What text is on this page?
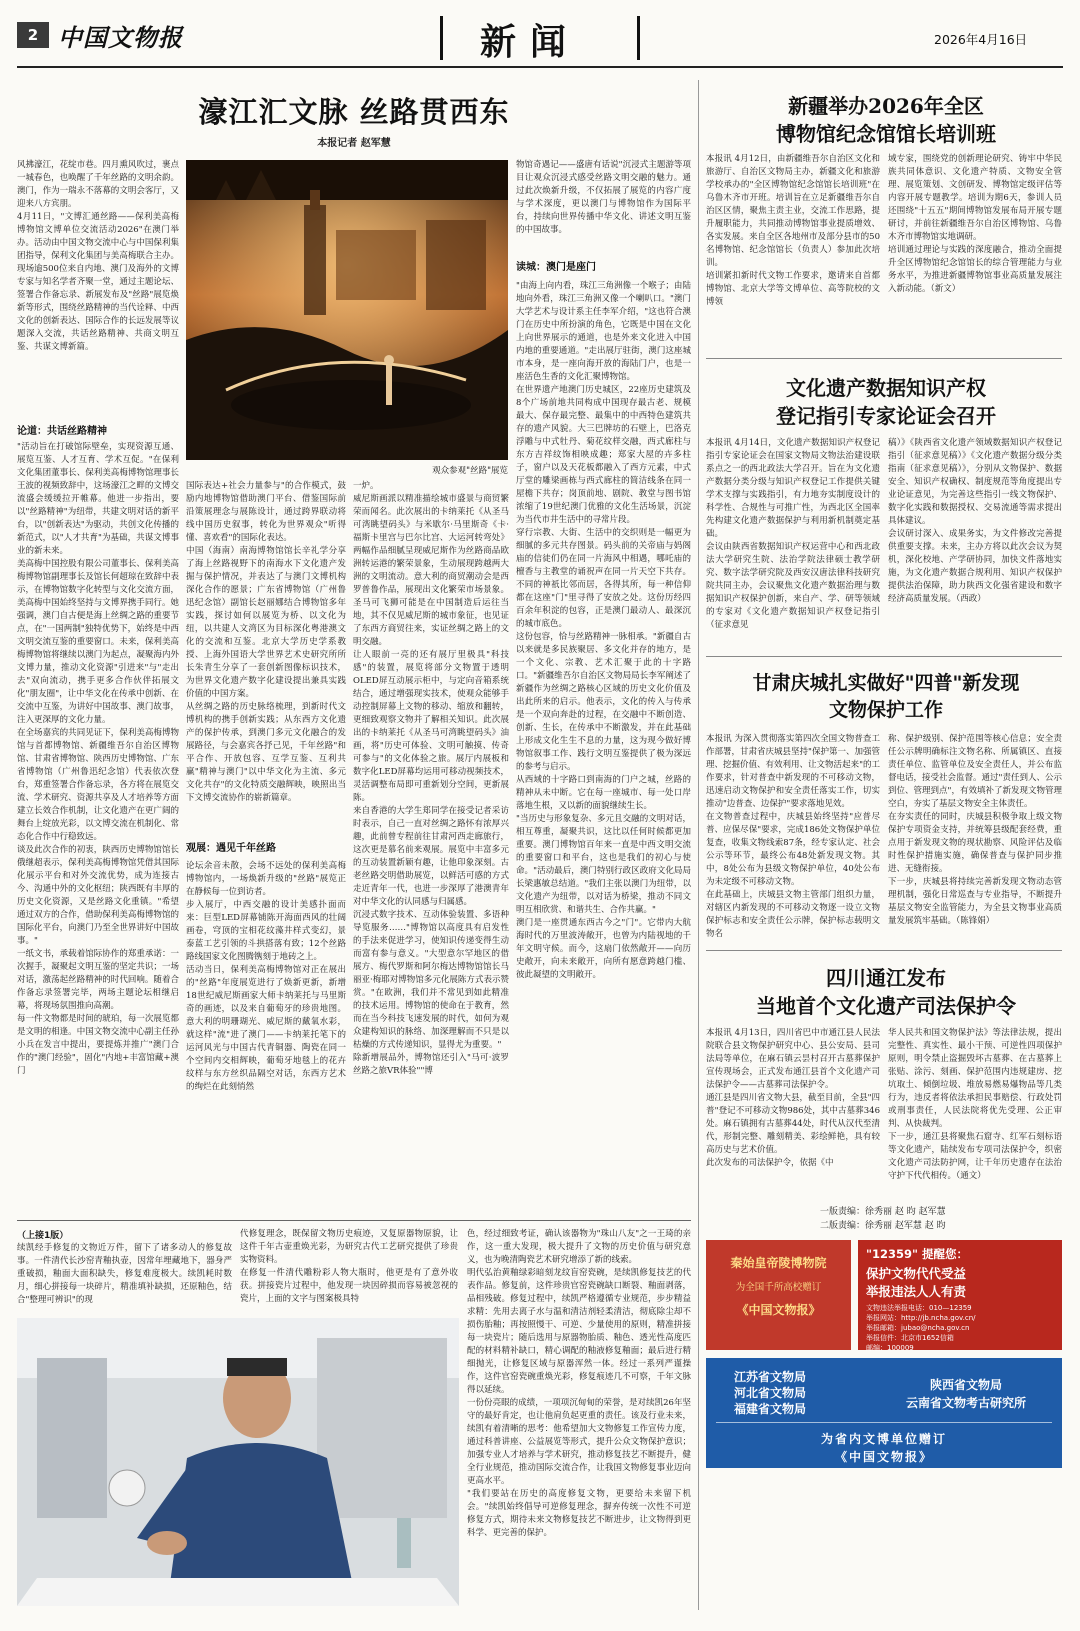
2 中国文物报	新闻	2026年4月16日
濠江汇文脉 丝路贯西东
本报记者 赵军慧
风拂濠江，花绽市巷。四月熏风吹过，裹点一城春色，也唤醒了千年丝路的文明余韵。澳门，作为一瑞永不落幕的文明会客厅，又迎来八方宾朋。
4月11日，"文博汇通丝路——保利美高梅博物馆文博单位交流活动2026"在澳门举办。活动由中国文物交流中心与中国保利集团指导，保利文化集团与美高梅联合主办。现场逾500位来自内地、澳门及海外的文博专家与知名学者齐聚一堂，通过主题论坛、签署合作备忘录、新展发布及"丝路"展览焕新等形式，围绕丝路精神的当代诠释、中西文化的创新表达、国际合作的长远发展等议题深入交流，共话丝路精神、共商文明互鉴、共谋文博新篇。
论道：共话丝路精神
"活动旨在打破馆际壁垒，实现资源互通、展览互鉴、人才互育、学术互促。"在保利文化集团董事长、保利美高梅博物馆理事长王波的视频致辞中，这场濠江之畔的文博交流盛会缓缓拉开帷幕。他进一步指出，要以"丝路精神"为纽带，共建文明对话的新平台，以"创新表达"为驱动，共创文化传播的新范式，以"人才共育"为基础，共谋文博事业的新未来。
美高梅中国控股有限公司董事长、保利美高梅博物馆副理事长及馆长何超琼在致辞中表示，在博物馆数字化转型与文化交流方面，美高梅中国始终坚持与文博界携手同行。她强调，澳门自古便是海上丝绸之路的重要节点，在"一国两制"独特优势下，始终是中西文明交流互鉴的重要窗口。未来，保利美高梅博物馆将继续以澳门为起点，凝聚海内外文博力量，推动文化资源"引进来"与"走出去"双向流动，携手更多合作伙伴拓展文化"朋友圈"，让中华文化在传承中创新、在交流中互鉴，为讲好中国故事、澳门故事，注入更深厚的文化力量。
在全场嘉宾的共同见证下，保利美高梅博物馆与首都博物馆、新疆维吾尔自治区博物馆、甘肃省博物馆、陕西历史博物馆、广东省博物馆（广州鲁迅纪念馆）代表依次登台，郑重签署合作备忘录，各方将在展览交流、学术研究、资源共享及人才培养等方面建立长效合作机制，让文化遗产在更广阔的舞台上绽放光彩，以文博交流在机制化、常态化合作中行稳致远。
谈及此次合作的初衷，陕西历史博物馆馆长俄继超表示，保利美高梅博物馆凭借其国际化展示平台和对外交流优势，成为连接古今、沟通中外的文化枢纽；陕西既有丰厚的历史文化资源，又是丝路文化重镇。"希望通过双方的合作，借助保利美高梅博物馆的国际化平台，向澳门乃至全世界讲好中国故事。"
一纸文书，承载着馆际协作的郑重承诺：一次握手，凝聚起文明互鉴的坚定共识；一场对话，激荡起丝路精神的时代回响。随着合作备忘录签署完毕，两场主题论坛相继启幕，将现场氛围推向高潮。
每一件文物都是时间的琥珀，每一次展览都是文明的相逢。中国文物交流中心副主任孙小兵在发言中提出，要提炼并推广"澳门合作的"澳门经验"，固化"内地+丰富馆藏+澳门
观众参观"丝路"展览
国际表达+社会力量参与"的合作模式，鼓励内地博物馆借助澳门平台、借鉴国际前沿策展理念与展陈设计，通过跨界联动将线中国历史叙事，转化为世界观众"听得懂、喜欢看"的国际化表达。
中国（海南）南海博物馆馆长辛礼学分享了海上丝路视野下的南海水下文化遗产发掘与保护情况，并表达了与澳门文博机构深化合作的愿景；广东省博物馆（广州鲁迅纪念馆）副馆长赵丽娜结合博物馆多年实践，探讨如何以展览为桥、以文化为纽，以共建人文湾区为目标深化粤港澳文化的交流和互鉴。北京大学历史学系教授、上海外国语大学世界艺术史研究所所长朱青生分享了一套创新图像标识技术，为世界文化遗产数字化建设提出兼具实践价值的中国方案。
从丝绸之路的历史脉络梳理，到新时代文博机构的携手创新实践；从东西方文化遗产的保护传承，到澳门多元文化融合的发展路径，与会嘉宾各抒己见，千年丝路"和平合作、开放包容、互学互鉴、互利共赢"精神与澳门"以中华文化为主流、多元文化共存"的文化特质交融辉映，映照出当下文博交流协作的崭新篇章。
观展：遇见千年丝路
论坛余音未散，会场不远处的保利美高梅博物馆内，一场焕新升级的"丝路"展览正在静候每一位到访者。
步入展厅，中西交融的设计美感扑面而来：巨型LED屏幕铺陈开海面西风的壮阔画卷，穹顶的宝相花纹藻井样式变幻，景泰蓝工艺引领的斗拱搭落有致；12个丝路路线国家文化图腾镌刻于地砖之上。
活动当日，保利美高梅博物馆对正在展出的"丝路"年度展览进行了焕新更新，新增18世纪威尼斯画家大师卡纳莱托与马里斯奇的画迹，以及来自葡萄牙的珍贵地图。意大利的明珊瑚光、威尼斯的戴氧水彩，就这样"流"进了澳门——卡纳莱托笔下的运河风光与中国古代青铜器、陶瓷在同一个空间内交相辉映，葡萄牙地毯上的花卉纹样与东方丝织品隔空对话，东西方艺术的绚烂在此刻悄然
一炉。
威尼斯画派以精准描绘城市盛景与商贸繁荣而闻名。此次展出的卡纳莱托《从圣马可湾眺望码头》与米歇尔·马里斯奇《卡·福斯卡里宫与巴尔比宫、大运河转弯处》两幅作品细腻呈现威尼斯作为丝路商品欧洲转运港的繁荣景象，生动展现跨越两大洲的文明流动。意大利的商贸潮动会是西罗普鲁作品，展现出文化繁荣市场景象。圣马可飞狮可能是在中国制造后运往当地，其不仅见威尼斯的城市象征，也见证了东西方商贸往来，实证丝绸之路上的文明交融。
让人眼前一亮的还有展厅里极具"科技感"的装置，展览将部分文物置于透明OLED屏互动展示柜中，与定向音箱系统结合，通过增强现实技术，使观众能够手动控制屏幕上文物的移动、缩放和翻转，更细致观察文物并了解相关知识。此次展出的卡纳莱托《从圣马可湾眺望码头》油画，将"历史可体验、文明可触摸、传奇可参与"的文化体验之旅。展厅内展板和数字化LED屏幕均运用可移动视频技术，灵活调整布局即可重新划分空间，更新展陈。
来自香港的大学生郑同学在接受记者采访时表示，自己一直对丝绸之路怀有浓厚兴趣，此前曾专程前往甘肃河西走廊旅行，这次更是慕名前来观展。展览中丰富多元的互动装置新颖有趣，让他印象深刻。古老丝路交明借助展览，以鲜活可感的方式走近青年一代，也进一步深厚了港澳青年对中华文化的认同感与归属感。
沉浸式数字技术、互动体验装置、多语种导览服务……"博物馆以高度具有启发性的手法来促进学习，使知识传递变得生动而富有参与意义。"大型意尔罕地区的借展方、梅代罗斯和阿尔梅达博物馆馆长马丽亚·梅耶对博物馆多元化展陈方式表示赞赏。"在欧洲，我们并不常见到如此精准的技术运用。博物馆的使命在于教育，然而在当今科技飞速发展的时代，如何为观众建构知识的脉络、加深理解而不只是以枯燥的方式传递知识，显得尤为重要。"
除新增展品外，博物馆还引入"马可·波罗丝路之旅VR体验""博
物馆奇遇记——盛唐有话说"沉浸式主题游等项目让观众沉浸式感受丝路文明交融的魅力。通过此次焕新升级，不仅拓展了展览的内容广度与学术深度，更以澳门与博物馆作为国际平台，持续向世界传播中华文化、讲述文明互鉴的中国故事。
读城：澳门是座门
"由海上向内看，珠江三角洲像一个喉子；由陆地向外看，珠江三角洲又像一个喇叭口。"澳门大学艺术与设计系主任李军介绍，"这也符合澳门在历史中所扮演的角色，它既是中国在文化上向世界展示的通道，也是外来文化进入中国内地的重要通道。"走出展厅驻街，澳门这座城市本身，是一座向海开放的海陆门户，也是一座活色生香的文化汇聚博物馆。
在世界遗产地澳门历史城区，22座历史建筑及8个广场前地共同构成中国现存最古老、规模最大、保存最完整、最集中的中西特色建筑共存的遗产风貌。大三巴牌坊的石壁上，巴洛克浮雕与中式牡丹、菊花纹样交融，西式廊柱与东方吉祥纹饰相映成趣；郑家大屋的卉多柱子，窗户以及天花板都融入了西方元素，中式厅堂的雕梁画栋与西式廊柱的简洁线条在同一屋檐下共存；岗顶前地、剧院、教堂与图书馆浓缩了19世纪澳门优雅的文化生活场景，沉淀为当代市井生活中的寻常片段。
穿行宗教、大街、生活中的交织则是一幅更为细腻的多元共存图景。码头前的关帝庙与妈阁庙的信徒们仍在同一片海风中相遇，哪吒庙的檀香与主教堂的诵祝声在同一片天空下共存。不同的神祇比邻而居，各得其所，每一种信仰都在这座"门"里寻得了安放之处。这份历经四百余年积淀的包容，正是澳门最动人、最深沉的城市底色。
这份包容，恰与丝路精神一脉相承。"新疆自古以来就是多民族聚居、多文化并存的地方，是一个文化、宗教、艺术汇聚于此的十字路口。"新疆维吾尔自治区文物局局长李军阐述了新疆作为丝绸之路核心区域的历史文化价值及出此所来的启示。他表示，文化的传入与传承是一个双向奔赴的过程，在交融中不断创造、创新、生长，在传承中不断激发，并在此基础上形成文化生生不息的力量，这为现今做好博物馆叙事工作、践行文明互鉴提供了极为深远的参考与启示。
从西域的十字路口到南海的门户之城，丝路的精神从未中断。它在每一座城市、每一处口岸落地生根，又以新的面貌继续生长。
"当历史与形象复杂、多元且交融的文明对话，相互尊重，凝聚共识，这比以任何时候都更加重要。澳门博物馆百年来一直是中西文明交流的重要窗口和平台，这也是我们的初心与使命。"活动最后，澳门特别行政区政府文化局局长梁惠敏总结道。"我们主张以澳门为纽带，以文化遗产为纽带，以对话为桥梁，推动不同文明互相欣赏、和谐共生、合作共赢。"
澳门是一座贯通东西古今之"门"。它带内大航海时代的万里波涛敞开，也曾为内陆视地的千年文明守候。而今，这扇门依然敞开——向历史敞开，向未来敞开，向所有愿意跨越门槛、彼此凝望的文明敞开。
（上接1版）
续凯经手修复的文物近万件，留下了诸多动人的修复故事。一件清代长沙窑青釉执壶，因常年埋藏地下，器身严重破损，釉面大面积缺失，修复难度极大。续凯耗时数月，细心拼接每一块碎片，精准填补缺损，还原釉色，结合"整理可辨识"的现
代修复理念，既保留文物历史痕迹，又复原器物原貌，让这件千年古壶重焕光彩，为研究古代工艺研究提供了珍贵实物资料。
在修复一件清代雕粉彩人物大瓶时，他更是有了意外收获。拼接瓷片过程中，他发现一块因碎损而容易被忽视的瓷片，上面的文字与图案极具特
色，经过细致考证，确认该器物为"珠山八友"之一王琦的亲作，这一重大发现，极大提升了文物的历史价值与研究意义，也为晚清陶瓷艺术研究增添了新的线索。
明代弘治黄釉绿彩暗刻龙纹盲窑瓷碗，是续凯修复技艺的代表作品。修复前，这件珍贵官窑瓷碗缺口断裂、釉面剥落，品相残破。修复过程中，续凯严格遵循专业规范，步步精益求精：先用去离子水与温和清洁剂轻柔清洁，彻底除尘却不损伤胎釉；再按照慢干、可逆、少量使用的原则，精准拼接每一块瓷片；随后选用与原器物胎质、釉色、透光性高度匹配的材料精补缺口，精心调配的釉液修复釉面；最后进行精细抛光，让修复区域与原器浑然一体。经过一系列严谨操作，这件官窑瓷碗重焕光彩，修复痕迹几不可察，千年文脉得以延续。
一份份亮眼的成绩，一项项沉甸甸的荣誉，是对续凯26年坚守的最好肯定，也让他肩负起更重的责任。该及行业未来，续凯有着清晰的思考：他希望加大文物修复工作宣传力度，通过科普讲座、公益展览等形式，提升公众文物保护意识；加强专业人才培养与学术研究，推动修复技艺不断提升，健全行业规范，推动国际交流合作，让我国文物修复事业迈向更高水平。
"我们要站在历史的高度修复文物，更要给未来留下机会。"续凯始终倡导可逆修复理念，摒弃传统一次性不可逆修复方式，期待未来文物修复技艺不断进步，让文物得到更科学、更完善的保护。
新疆举办2026年全区
博物馆纪念馆馆长培训班
本报讯 4月12日，由新疆维吾尔自治区文化和旅游厅、自治区文物局主办，新疆文化和旅游学校承办的"全区博物馆纪念馆馆长培训班"在乌鲁木齐市开班。培训旨在立足新疆维吾尔自治区区情，聚焦主责主业，交流工作思路，提升履职能力，共同推动博物馆事业提质增效、各实发展。来自全区各地州市及部分县市的50名博物馆、纪念馆馆长（负责人）参加此次培训。
培训紧扣新时代文物工作要求，邀请来自首都博物馆、北京大学等文博单位、高等院校的文博领
域专家，围绕党的创新理论研究、铸牢中华民族共同体意识、文化遗产特质、文物安全管理、展览策划、文创研发、博物馆定级评估等内容开展专题教学。培训为期6天，参训人员还围绕"十五五"期间博物馆发展布局开展专题研讨，并前往新疆维吾尔自治区博物馆、乌鲁木齐市博物馆实地调研。
培训通过理论与实践的深度融合，推动全面提升全区博物馆纪念馆馆长的综合管理能力与业务水平，为推进新疆博物馆事业高质量发展注入新动能。（新文）
文化遗产数据知识产权
登记指引专家论证会召开
本报讯 4月14日，文化遗产数据知识产权登记指引专家论证会在国家文物局文物法治建设联系点之一的西北政法大学召开。旨在为文化遗产数据分类分级与知识产权登记工作提供关键学术支撑与实践指引，有力地夯实制度设计的科学性、合规性与可推广性，为西北区全国率先构建文化遗产数据保护与利用新机制奠定基础。
会议由陕西省数据知识产权运营中心和西北政法大学研究生院、法治学院法律硕士教学研究、数字法学研究院及西安汉唐法律科技研究院共同主办，会议聚焦文化遗产数据治理与数据知识产权保护创新，来自产、学、研等领域的专家对《文化遗产数据知识产权登记指引（征求意见
稿）》《陕西省文化遗产领域数据知识产权登记指引（征求意见稿）》《文化遗产数据分级分类指南（征求意见稿）》，分别从文物保护、数据安全、知识产权确权、制度规范等角度提出专业论证意见，为完善这些指引一线文物保护、数字化实践和数据授权、交易流通等需求提出具体建议。
会议研讨深入、成果务实，为文件修改完善提供重要支撑。未来，主办方将以此次会议为契机，深化校地、产学研协同，加快文件落地实施，为文化遗产数据合规利用、知识产权保护提供法治保障，助力陕西文化强省建设和数字经济高质量发展。（西政）
甘肃庆城扎实做好"四普"新发现
文物保护工作
本报讯 为深入贯彻落实第四次全国文物普查工作部署，甘肃省庆城县坚持"保护第一、加强管理、挖掘价值、有效利用、让文物活起来"的工作要求，针对普查中新发现的不可移动文物，迅速启动文物保护和安全责任落实工作，切实推动"边普查、边保护"要求落地见效。
在文物普查过程中，庆城县始终坚持"应普尽普、应保尽保"要求，完成186处文物保护单位复查，收集文物线索87条，经专家认定、社会公示等环节，最终公布48处新发现文物。其中，8处公布为县级文物保护单位，40处公布为未定级不可移动文物。
在此基础上，庆城县文物主管部门组织力量，对辖区内新发现的不可移动文物逐一设立文物保护标志和安全责任公示牌，保护标志载明文物名
称、保护级别、保护范围等核心信息；安全责任公示牌明确标注文物名称、所属镇区、直接责任单位、监管单位及安全责任人，并公布监督电话，接受社会监督。通过"责任到人、公示到位、管理到点"，有效填补了新发现文物管理空白，夯实了基层文物安全主体责任。
在夯实责任的同时，庆城县积极争取上级文物保护专项资金支持，并统筹县级配套经费，重点用于新发现文物的现状勘察、风险评估及临时性保护措施实施，确保普查与保护同步推进、无缝衔接。
下一步，庆城县将持续完善新发现文物动态管理机制，强化日常巡查与专业指导，不断提升基层文物安全监管能力，为全县文物事业高质量发展筑牢基础。（陈锋娟）
四川通江发布
当地首个文化遗产司法保护令
本报讯 4月13日，四川省巴中市通江县人民法院联合县文物保护研究中心、县公安局、县司法局等单位，在麻石镇云昙村召开古墓葬保护宣传现场会，正式发布通江县首个文化遗产司法保护令——古墓葬司法保护令。
通江县是四川省文物大县，截至目前，全县"四普"登记不可移动文物986处，其中古墓葬346处。麻石镇拥有古墓葬44处，时代从汉代至清代，形制完整、雕刻精美、彩绘鲜艳，具有较高历史与艺术价值。
此次发布的司法保护令，依据《中
华人民共和国文物保护法》等法律法规，提出完整性、真实性、最小干预、可逆性四项保护原则，明令禁止盗掘毁坏古墓葬、在古墓葬上张贴、涂污、刻画、保护范围内违规建房、挖坑取土、倾倒垃圾、堆放易燃易爆物品等几类行为，违反者将依法承担民事赔偿、行政处罚或刑事责任，人民法院将优先受理、公正审判、从快裁判。
下一步，通江县将聚焦石窟寺、红军石刻标语等文化遗产，陆续发布专项司法保护令，织密文化遗产司法防护网，让千年历史遗存在法治守护下代代相传。（通文）
一版责编：徐秀丽 赵 昀 赵军慧
二版责编：徐秀丽 赵军慧 赵 昀
秦始皇帝陵博物院
为全国千所高校赠订
《中国文物报》
"12359" 提醒您：
保护文物代代受益
举报违法人人有责
文物违法举报电话：010—12359
举报网站：http://jb.ncha.gov.cn/
举报邮箱：jubao@ncha.gov.cn
举报信件：北京市1652信箱
邮编：100009
江苏省文物局
河北省文物局
福建省文物局
陕西省文物局
云南省文物考古研究所
为省内文博单位赠订
《中国文物报》
